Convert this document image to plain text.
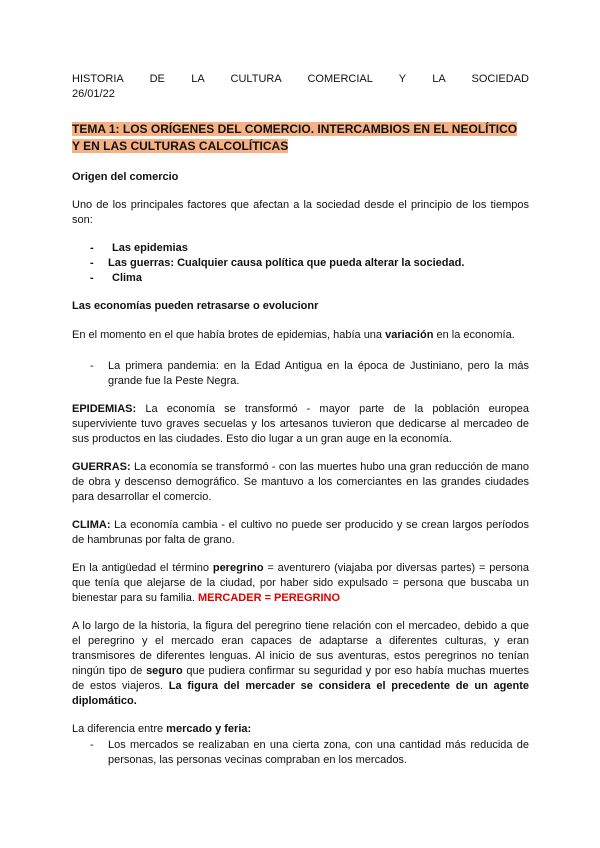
HISTORIA DE LA CULTURA COMERCIAL Y LA SOCIEDAD
26/01/22
TEMA 1: LOS ORÍGENES DEL COMERCIO. INTERCAMBIOS EN EL NEOLÍTICO
Y EN LAS CULTURAS CALCOLÍTICAS
Origen del comercio

Uno de los principales factores que afectan a la sociedad desde el principio de los tiempos son:

- Las epidemias
- Las guerras: Cualquier causa política que pueda alterar la sociedad.
- Clima
Las economías pueden retrasarse o evolucionr
En el momento en el que había brotes de epidemias, había una variación en la economía.
- La primera pandemia: en la Edad Antigua en la época de Justiniano, pero la más grande fue la Peste Negra.

EPIDEMIAS: La economía se transformó - mayor parte de la población europea superviviente tuvo graves secuelas y los artesanos tuvieron que dedicarse al mercadeo de sus productos en las ciudades. Esto dio lugar a un gran auge en la economía.

GUERRAS: La economía se transformó - con las muertes hubo una gran reducción de mano de obra y descenso demográfico. Se mantuvo a los comerciantes en las grandes ciudades para desarrollar el comercio.

CLIMA: La economía cambia - el cultivo no puede ser producido y se crean largos períodos de hambrunas por falta de grano.

En la antigüedad el término peregrino = aventurero (viajaba por diversas partes) = persona que tenía que alejarse de la ciudad, por haber sido expulsado = persona que buscaba un bienestar para su familia. MERCADER = PEREGRINO

A lo largo de la historia, la figura del peregrino tiene relación con el mercadeo, debido a que el peregrino y el mercado eran capaces de adaptarse a diferentes culturas, y eran transmisores de diferentes lenguas. Al inicio de sus aventuras, estos peregrinos no tenían ningún tipo de seguro que pudiera confirmar su seguridad y por eso había muchas muertes de estos viajeros. La figura del mercader se considera el precedente de un agente diplomático.

La diferencia entre mercado y feria:
- Los mercados se realizaban en una cierta zona, con una cantidad más reducida de personas, las personas vecinas compraban en los mercados.
